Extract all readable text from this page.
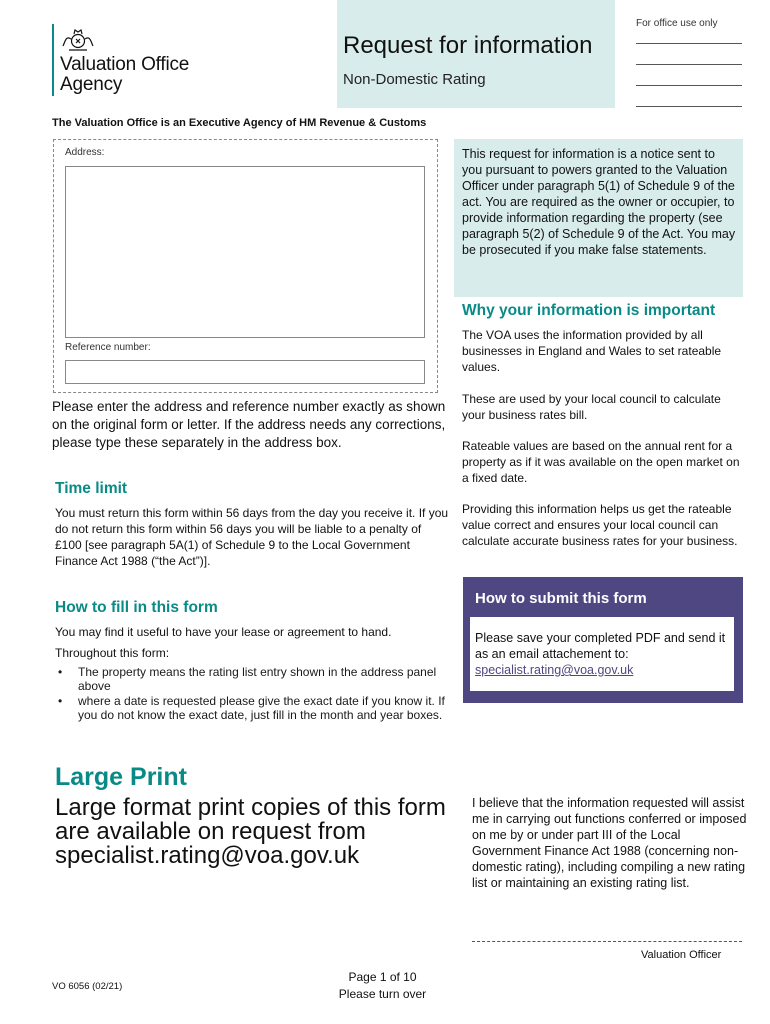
Valuation Office
Agency
Request for information
Non-Domestic Rating
For office use only
The Valuation Office is an Executive Agency of HM Revenue & Customs
Address:
Reference number:
Please enter the address and reference number exactly as shown on the original form or letter. If the address needs any corrections, please type these separately in the address box.
Time limit
You must return this form within 56 days from the day you receive it. If you do not return this form within 56 days you will be liable to a penalty of £100 [see paragraph 5A(1) of Schedule 9 to the Local Government Finance Act 1988 (“the Act”)].
How to fill in this form
You may find it useful to have your lease or agreement to hand.
Throughout this form:
• The property means the rating list entry shown in the address panel above
• where a date is requested please give the exact date if you know it. If you do not know the exact date, just fill in the month and year boxes.
Large Print
Large format print copies of this form are available on request from specialist.rating@voa.gov.uk
This request for information is a notice sent to you pursuant to powers granted to the Valuation Officer under paragraph 5(1) of Schedule 9 of the act. You are required as the owner or occupier, to provide information regarding the property (see paragraph 5(2) of Schedule 9 of the Act. You may be prosecuted if you make false statements.
Why your information is important
The VOA uses the information provided by all businesses in England and Wales to set rateable values.
These are used by your local council to calculate your business rates bill.
Rateable values are based on the annual rent for a property as if it was available on the open market on a fixed date.
Providing this information helps us get the rateable value correct and ensures your local council can calculate accurate business rates for your business.
How to submit this form
Please save your completed PDF and send it as an email attachement to:
specialist.rating@voa.gov.uk
I believe that the information requested will assist me in carrying out functions conferred or imposed on me by or under part III of the Local Government Finance Act 1988 (concerning non-domestic rating), including compiling a new rating list or maintaining an existing rating list.
Valuation Officer
VO 6056 (02/21)
Page 1 of 10
Please turn over
